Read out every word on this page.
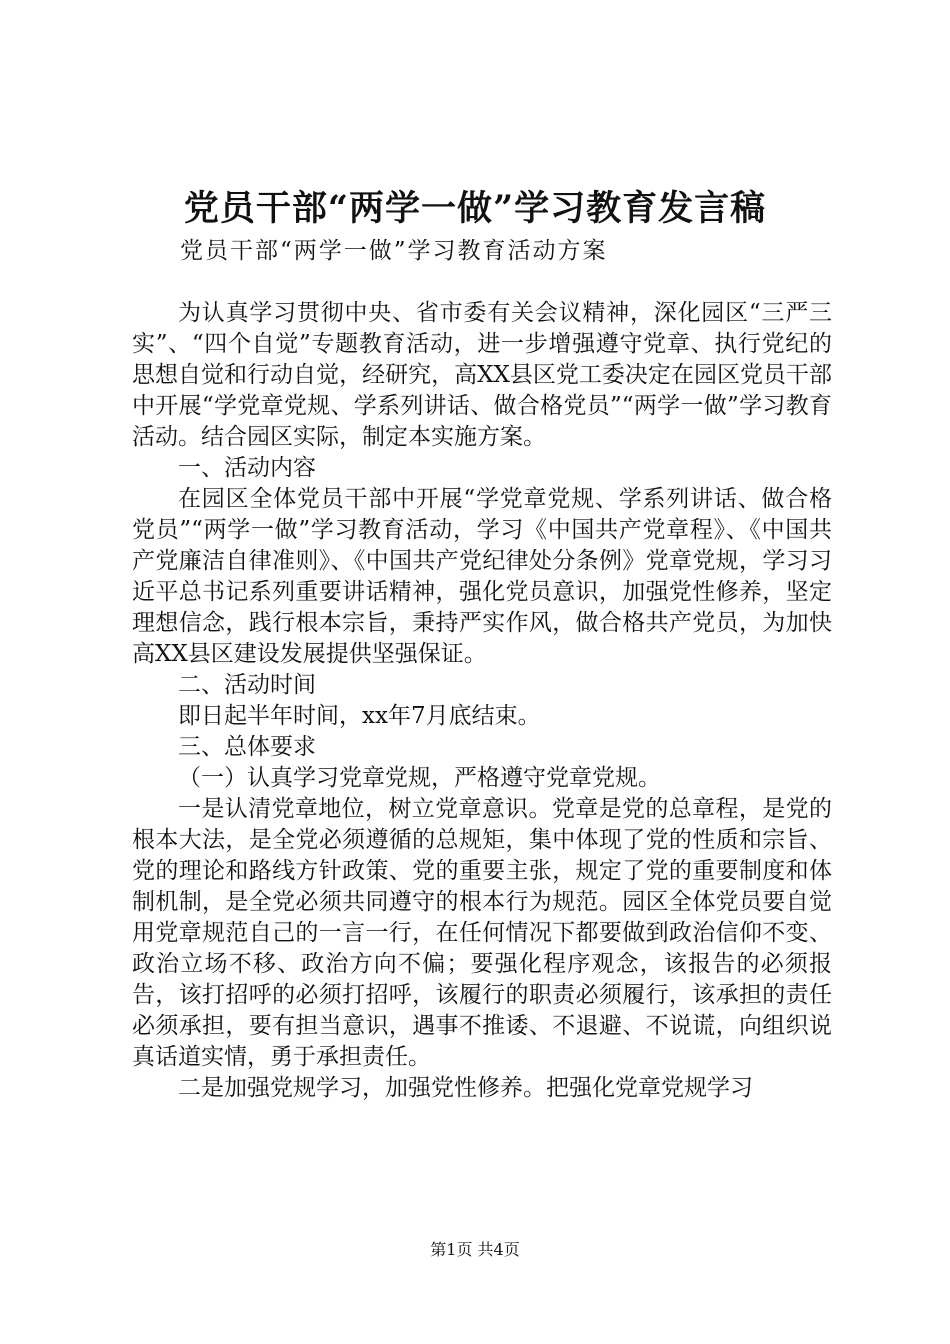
党员干部“两学一做”学习教育发言稿
党员干部“两学一做”学习教育活动方案

为认真学习贯彻中央、省市委有关会议精神，深化园区“三严三实”、“四个自觉”专题教育活动，进一步增强遵守党章、执行党纪的思想自觉和行动自觉，经研究，高XX县区党工委决定在园区党员干部中开展“学党章党规、学系列讲话、做合格党员”“两学一做”学习教育活动。结合园区实际，制定本实施方案。

一、活动内容

在园区全体党员干部中开展“学党章党规、学系列讲话、做合格党员”“两学一做”学习教育活动，学习《中国共产党章程》、《中国共产党廉洁自律准则》、《中国共产党纪律处分条例》党章党规，学习习近平总书记系列重要讲话精神，强化党员意识，加强党性修养，坚定理想信念，践行根本宗旨，秉持严实作风，做合格共产党员，为加快高XX县区建设发展提供坚强保证。

二、活动时间

即日起半年时间，xx年7月底结束。

三、总体要求

（一）认真学习党章党规，严格遵守党章党规。

一是认清党章地位，树立党章意识。党章是党的总章程，是党的根本大法，是全党必须遵循的总规矩，集中体现了党的性质和宗旨、党的理论和路线方针政策、党的重要主张，规定了党的重要制度和体制机制，是全党必须共同遵守的根本行为规范。园区全体党员要自觉用党章规范自己的一言一行，在任何情况下都要做到政治信仰不变、政治立场不移、政治方向不偏；要强化程序观念，该报告的必须报告，该打招呼的必须打招呼，该履行的职责必须履行，该承担的责任必须承担，要有担当意识，遇事不推诿、不退避、不说谎，向组织说真话道实情，勇于承担责任。

二是加强党规学习，加强党性修养。把强化党章党规学习

第1页 共4页
